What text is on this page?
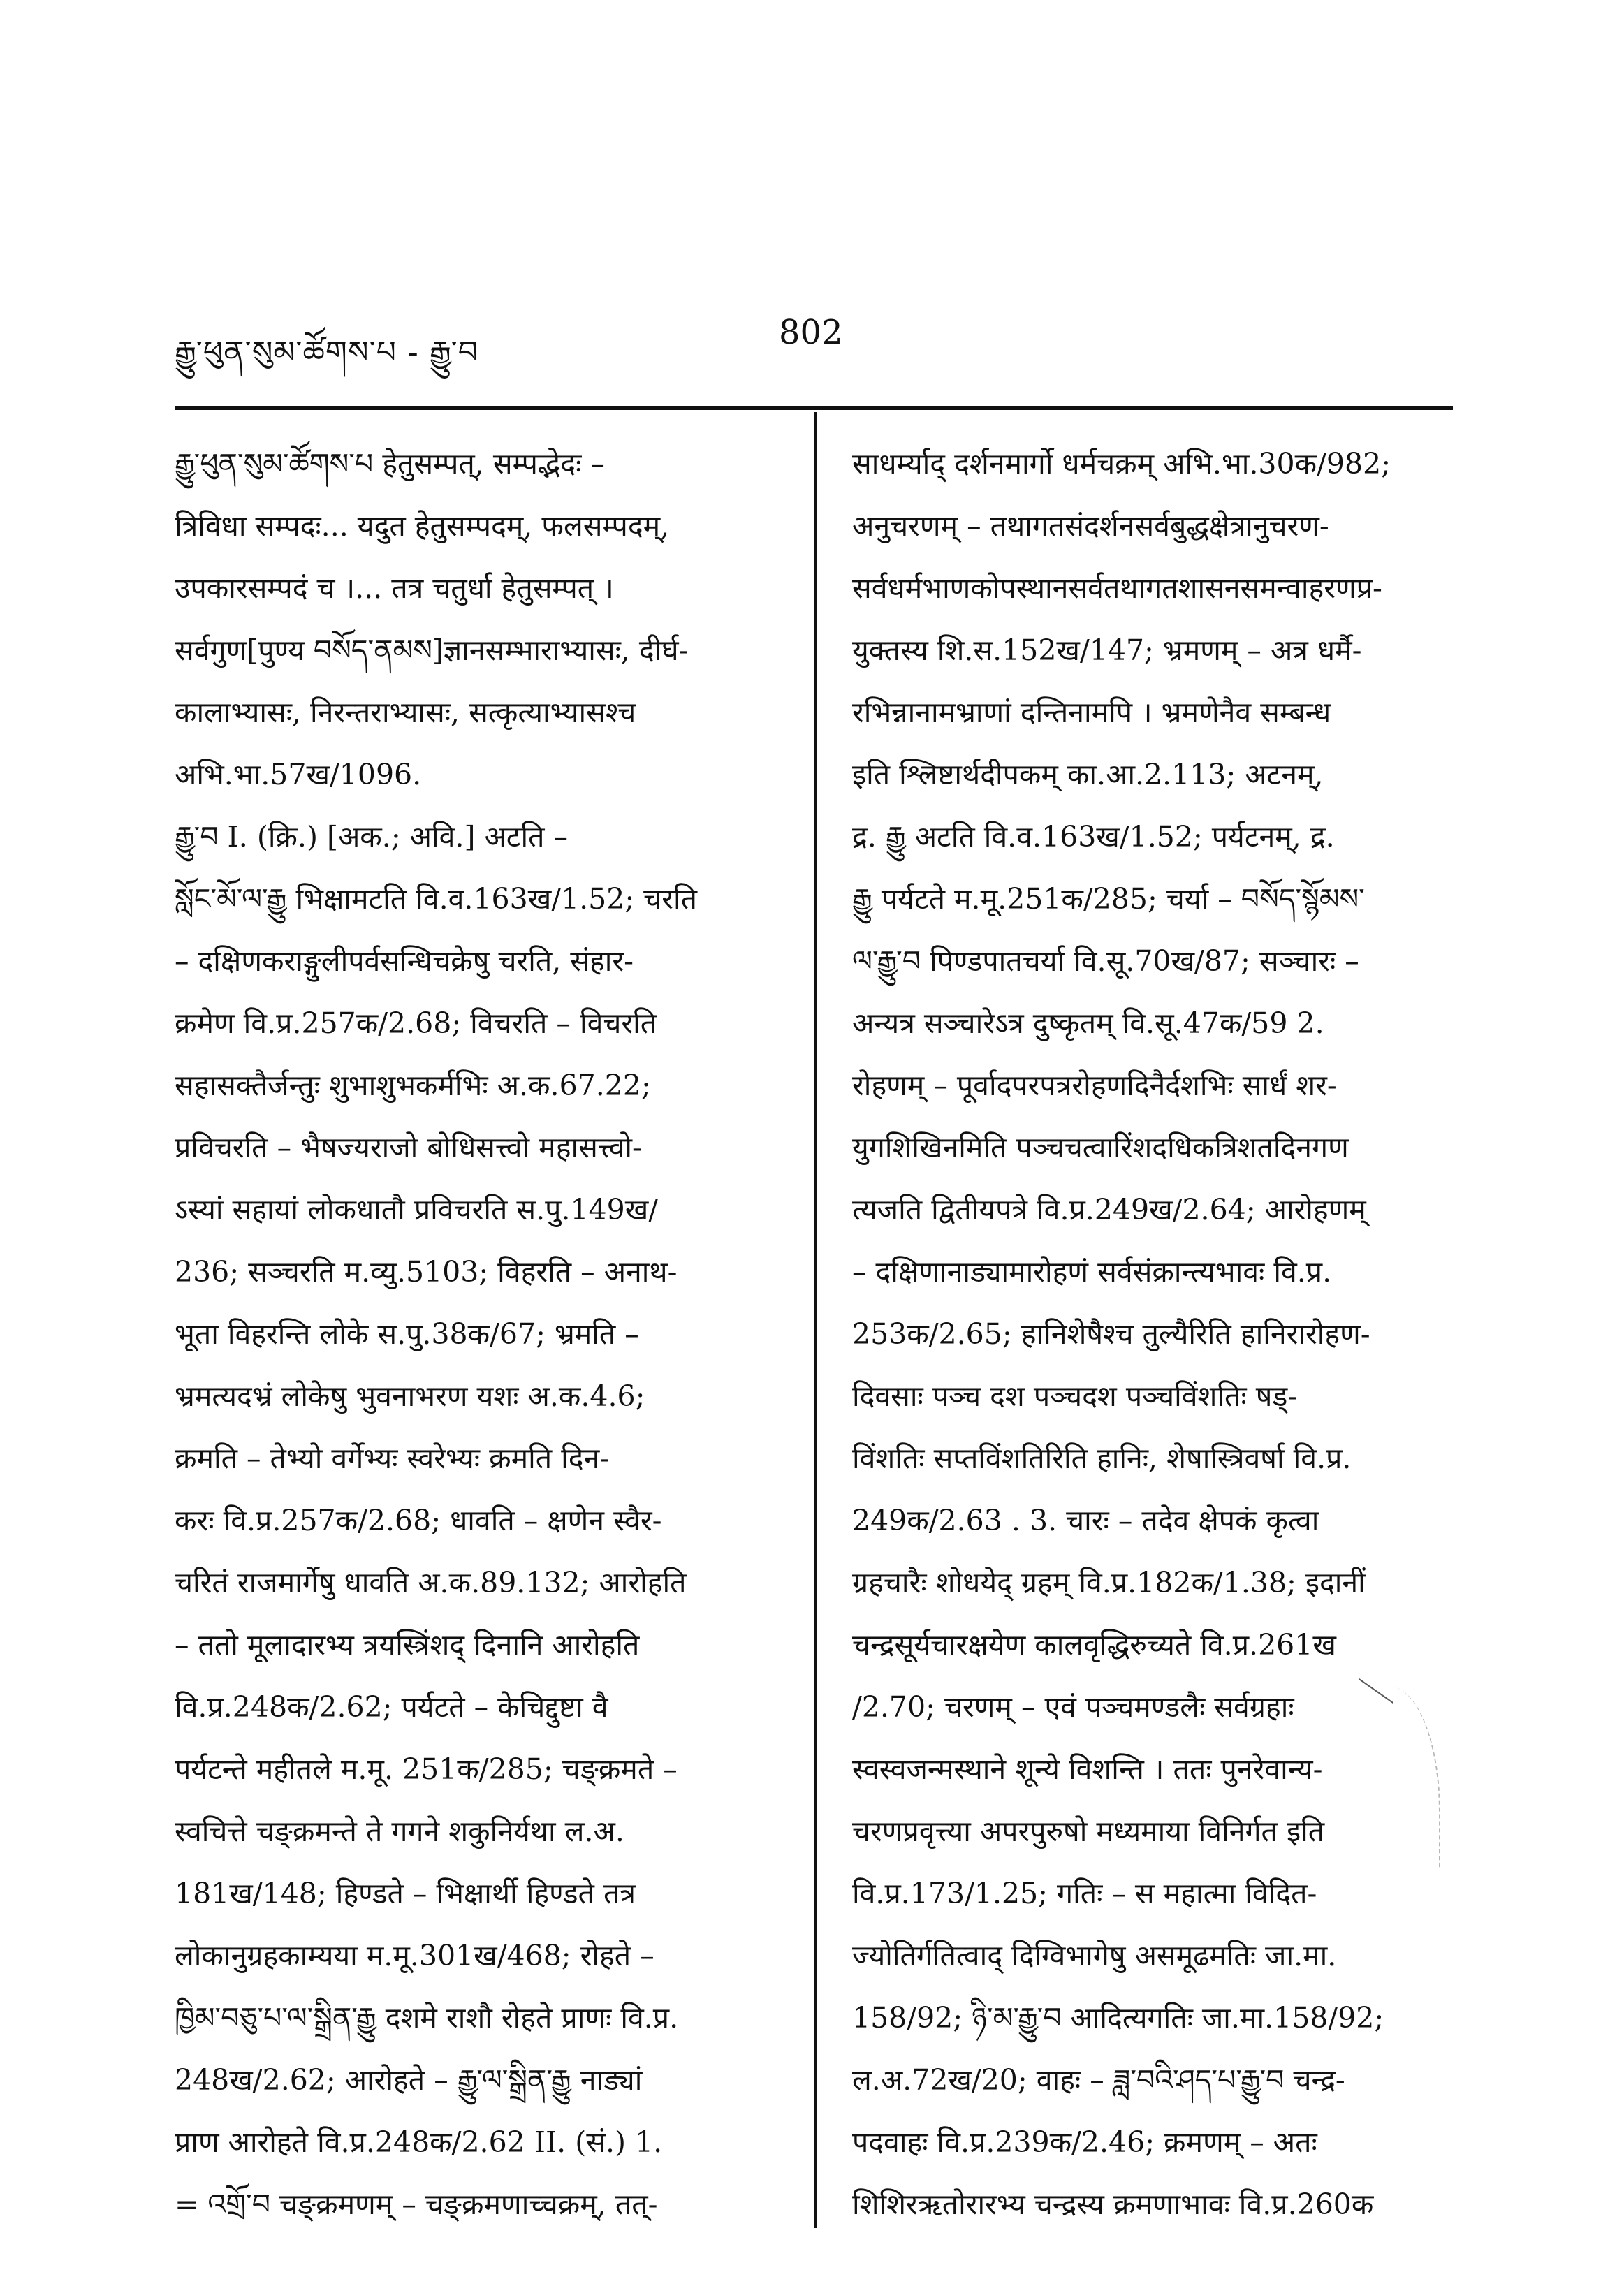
རྒྱུ་ཕུན་སུམ་ཚོགས་པ - རྒྱུ་བ
802
རྒྱུ་ཕུན་སུམ་ཚོགས་པ हेतुसम्पत्, सम्पद्भेदः –
त्रिविधा सम्पदः... यदुत हेतुसम्पदम्, फलसम्पदम्,
उपकारसम्पदं च ।... तत्र चतुर्धा हेतुसम्पत् ।
सर्वगुण[पुण्य བསོད་ནམས]ज्ञानसम्भाराभ्यासः, दीर्घ-
कालाभ्यासः, निरन्तराभ्यासः, सत्कृत्याभ्यासश्च
अभि.भा.57ख/1096.
རྒྱུ་བ I. (क्रि.) [अक.; अवि.] अटति –
སློང་མོ་ལ་རྒྱུ भिक्षामटति वि.व.163ख/1.52; चरति
– दक्षिणकराङ्गुलीपर्वसन्धिचक्रेषु चरति, संहार-
क्रमेण वि.प्र.257क/2.68; विचरति – विचरति
सहासक्तैर्जन्तुः शुभाशुभकर्मभिः अ.क.67.22;
प्रविचरति – भैषज्यराजो बोधिसत्त्वो महासत्त्वो-
ऽस्यां सहायां लोकधातौ प्रविचरति स.पु.149ख/
236; सञ्चरति म.व्यु.5103; विहरति – अनाथ-
भूता विहरन्ति लोके स.पु.38क/67; भ्रमति –
भ्रमत्यदभ्रं लोकेषु भुवनाभरण यशः अ.क.4.6;
क्रमति – तेभ्यो वर्गेभ्यः स्वरेभ्यः क्रमति दिन-
करः वि.प्र.257क/2.68; धावति – क्षणेन स्वैर-
चरितं राजमार्गेषु धावति अ.क.89.132; आरोहति
– ततो मूलादारभ्य त्रयस्त्रिंशद् दिनानि आरोहति
वि.प्र.248क/2.62; पर्यटते – केचिद्दुष्टा वै
पर्यटन्ते महीतले म.मू. 251क/285; चङ्क्रमते –
स्वचित्ते चङ्क्रमन्ते ते गगने शकुनिर्यथा ल.अ.
181ख/148; हिण्डते – भिक्षार्थी हिण्डते तत्र
लोकानुग्रहकाम्यया म.मू.301ख/468; रोहते –
ཁྱིམ་བཅུ་པ་ལ་སྒྲིན་རྒྱུ दशमे राशौ रोहते प्राणः वि.प्र.
248ख/2.62; आरोहते – རྒྱུ་ལ་སྒྲིན་རྒྱུ नाड्यां
प्राण आरोहते वि.प्र.248क/2.62 II. (सं.) 1.
= འགྲོ་བ चङ्क्रमणम् – चङ्क्रमणाच्चक्रम्, तत्-
साधर्म्याद् दर्शनमार्गो धर्मचक्रम् अभि.भा.30क/982;
अनुचरणम् – तथागतसंदर्शनसर्वबुद्धक्षेत्रानुचरण-
सर्वधर्मभाणकोपस्थानसर्वतथागतशासनसमन्वाहरणप्र-
युक्तस्य शि.स.152ख/147; भ्रमणम् – अत्र धर्मै-
रभिन्नानामभ्राणां दन्तिनामपि । भ्रमणेनैव सम्बन्ध
इति श्लिष्टार्थदीपकम् का.आ.2.113; अटनम्,
द्र. རྒྱུ अटति वि.व.163ख/1.52; पर्यटनम्, द्र.
རྒྱུ पर्यटते म.मू.251क/285; चर्या – བསོད་སྙོམས་
ལ་རྒྱུ་བ पिण्डपातचर्या वि.सू.70ख/87; सञ्चारः –
अन्यत्र सञ्चारेऽत्र दुष्कृतम् वि.सू.47क/59 2.
रोहणम् – पूर्वादपरपत्ररोहणदिनैर्दशभिः सार्धं शर-
युगशिखिनमिति पञ्चचत्वारिंशदधिकत्रिशतदिनगण
त्यजति द्वितीयपत्रे वि.प्र.249ख/2.64; आरोहणम्
– दक्षिणानाड्यामारोहणं सर्वसंक्रान्त्यभावः वि.प्र.
253क/2.65; हानिशेषैश्च तुल्यैरिति हानिरारोहण-
दिवसाः पञ्च दश पञ्चदश पञ्चविंशतिः षड्-
विंशतिः सप्तविंशतिरिति हानिः, शेषास्त्रिवर्षा वि.प्र.
249क/2.63 . 3. चारः – तदेव क्षेपकं कृत्वा
ग्रहचारैः शोधयेद् ग्रहम् वि.प्र.182क/1.38; इदानीं
चन्द्रसूर्यचारक्षयेण कालवृद्धिरुच्यते वि.प्र.261ख
/2.70; चरणम् – एवं पञ्चमण्डलैः सर्वग्रहाः
स्वस्वजन्मस्थाने शून्ये विशन्ति । ततः पुनरेवान्य-
चरणप्रवृत्त्या अपरपुरुषो मध्यमाया विनिर्गत इति
वि.प्र.173/1.25; गतिः – स महात्मा विदित-
ज्योतिर्गतित्वाद् दिग्विभागेषु असमूढमतिः जा.मा.
158/92; ཉི་མ་རྒྱུ་བ आदित्यगतिः जा.मा.158/92;
ल.अ.72ख/20; वाहः – ཟླ་བའི་ཤད་པ་རྒྱུ་བ चन्द्र-
पदवाहः वि.प्र.239क/2.46; क्रमणम् – अतः
शिशिरऋतोरारभ्य चन्द्रस्य क्रमणाभावः वि.प्र.260क
